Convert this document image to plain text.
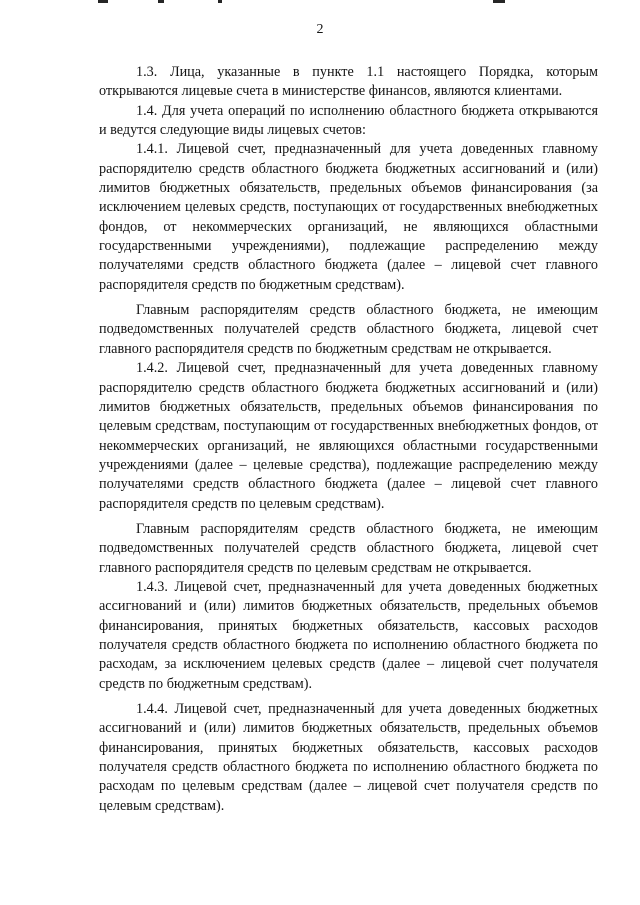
2

1.3. Лица, указанные в пункте 1.1 настоящего Порядка, которым открываются лицевые счета в министерстве финансов, являются клиентами.

1.4. Для учета операций по исполнению областного бюджета открываются и ведутся следующие виды лицевых счетов:

1.4.1. Лицевой счет, предназначенный для учета доведенных главному распорядителю средств областного бюджета бюджетных ассигнований и (или) лимитов бюджетных обязательств, предельных объемов финансирования (за исключением целевых средств, поступающих от государственных внебюджетных фондов, от некоммерческих организаций, не являющихся областными государственными учреждениями), подлежащие распределению между получателями средств областного бюджета (далее – лицевой счет главного распорядителя средств по бюджетным средствам).

Главным распорядителям средств областного бюджета, не имеющим подведомственных получателей средств областного бюджета, лицевой счет главного распорядителя средств по бюджетным средствам не открывается.

1.4.2. Лицевой счет, предназначенный для учета доведенных главному распорядителю средств областного бюджета бюджетных ассигнований и (или) лимитов бюджетных обязательств, предельных объемов финансирования по целевым средствам, поступающим от государственных внебюджетных фондов, от некоммерческих организаций, не являющихся областными государственными учреждениями (далее – целевые средства), подлежащие распределению между получателями средств областного бюджета (далее – лицевой счет главного распорядителя средств по целевым средствам).

Главным распорядителям средств областного бюджета, не имеющим подведомственных получателей средств областного бюджета, лицевой счет главного распорядителя средств по целевым средствам не открывается.

1.4.3. Лицевой счет, предназначенный для учета доведенных бюджетных ассигнований и (или) лимитов бюджетных обязательств, предельных объемов финансирования, принятых бюджетных обязательств, кассовых расходов получателя средств областного бюджета по исполнению областного бюджета по расходам, за исключением целевых средств (далее – лицевой счет получателя средств по бюджетным средствам).

1.4.4. Лицевой счет, предназначенный для учета доведенных бюджетных ассигнований и (или) лимитов бюджетных обязательств, предельных объемов финансирования, принятых бюджетных обязательств, кассовых расходов получателя средств областного бюджета по исполнению областного бюджета по расходам по целевым средствам (далее – лицевой счет получателя средств по целевым средствам).
